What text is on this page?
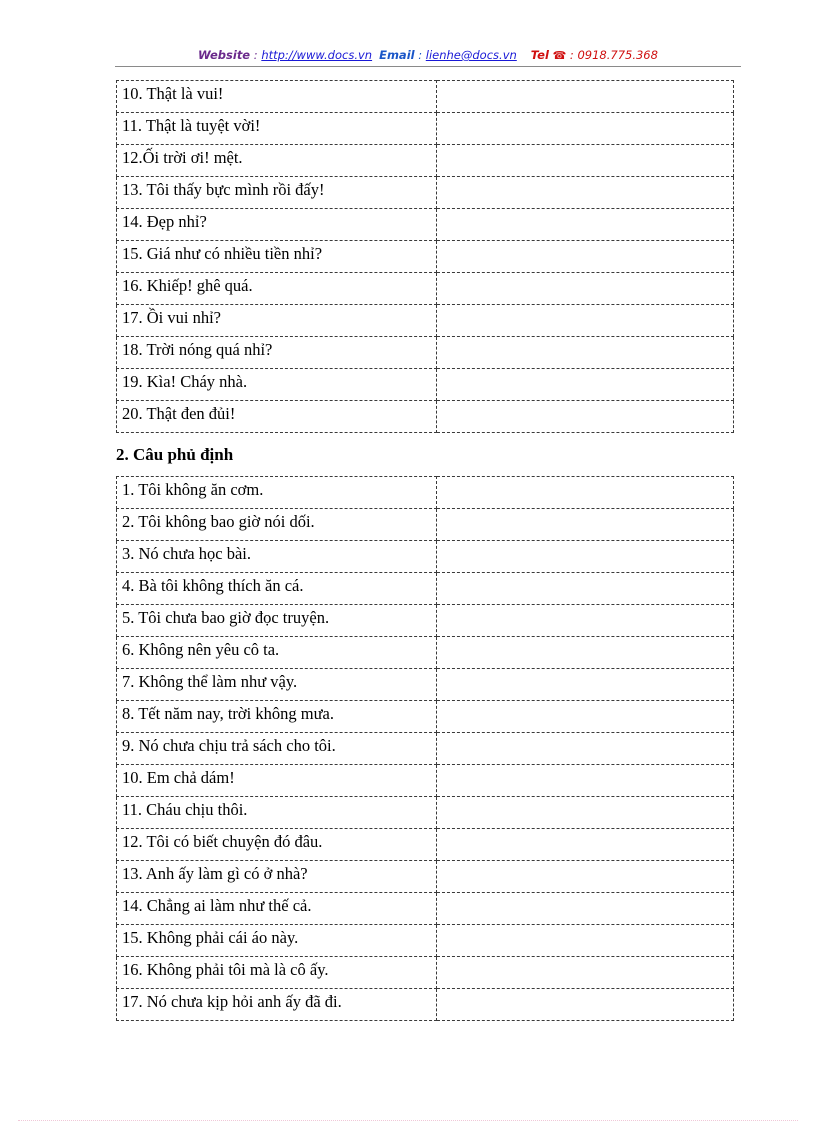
Website : http://www.docs.vn Email : lienhe@docs.vn Tel ☎ : 0918.775.368
10. Thật là vui!	
11. Thật là tuyệt vời!	
12.Ối trời ơi! mệt.	
13. Tôi thấy bực mình rồi đấy!	
14. Đẹp nhỉ?	
15. Giá như có nhiều tiền nhỉ?	
16. Khiếp! ghê quá.	
17. Ồi vui nhỉ?	
18. Trời nóng quá nhỉ?	
19. Kìa! Cháy nhà.	
20. Thật đen đủi!	
2. Câu phủ định
1. Tôi không ăn cơm.	
2. Tôi không bao giờ nói dối.	
3. Nó chưa học bài.	
4. Bà tôi không thích ăn cá.	
5. Tôi chưa bao giờ đọc truyện.	
6. Không nên yêu cô ta.	
7. Không thể làm như vậy.	
8. Tết năm nay, trời không mưa.	
9. Nó chưa chịu trả sách cho tôi.	
10. Em chả dám!	
11. Cháu chịu thôi.	
12. Tôi có biết chuyện đó đâu.	
13. Anh ấy làm gì có ở nhà?	
14. Chẳng ai làm như thế cả.	
15. Không phải cái áo này.	
16. Không phải tôi mà là cô ấy.	
17. Nó chưa kịp hỏi anh ấy đã đi.	
